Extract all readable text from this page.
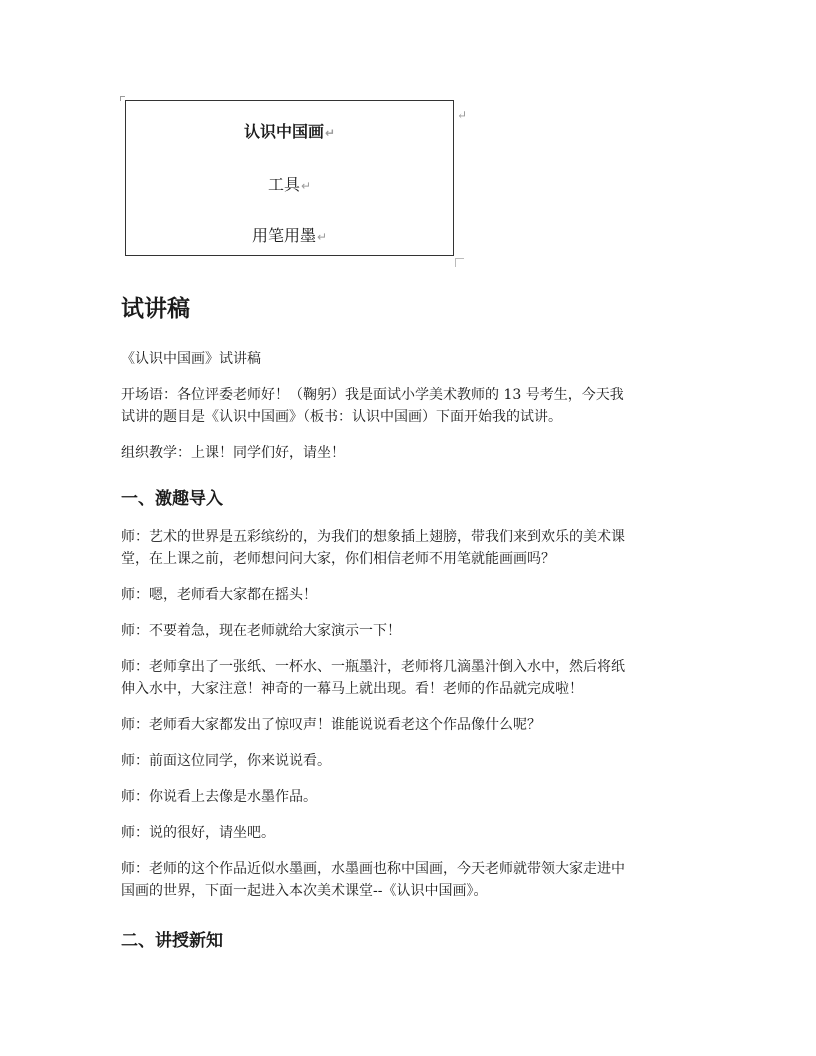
认识中国画↵
工具↵
用笔用墨↵
↵
试讲稿
《认识中国画》试讲稿
开场语：各位评委老师好！（鞠躬）我是面试小学美术教师的 13 号考生，今天我
试讲的题目是《认识中国画》（板书：认识中国画）下面开始我的试讲。
组织教学：上课！同学们好，请坐！
一、激趣导入
师：艺术的世界是五彩缤纷的，为我们的想象插上翅膀，带我们来到欢乐的美术课
堂，在上课之前，老师想问问大家，你们相信老师不用笔就能画画吗？
师：嗯，老师看大家都在摇头！
师：不要着急，现在老师就给大家演示一下！
师：老师拿出了一张纸、一杯水、一瓶墨汁，老师将几滴墨汁倒入水中，然后将纸
伸入水中，大家注意！神奇的一幕马上就出现。看！老师的作品就完成啦！
师：老师看大家都发出了惊叹声！谁能说说看老这个作品像什么呢？
师：前面这位同学，你来说说看。
师：你说看上去像是水墨作品。
师：说的很好，请坐吧。
师：老师的这个作品近似水墨画，水墨画也称中国画，今天老师就带领大家走进中
国画的世界，下面一起进入本次美术课堂--《认识中国画》。
二、讲授新知
